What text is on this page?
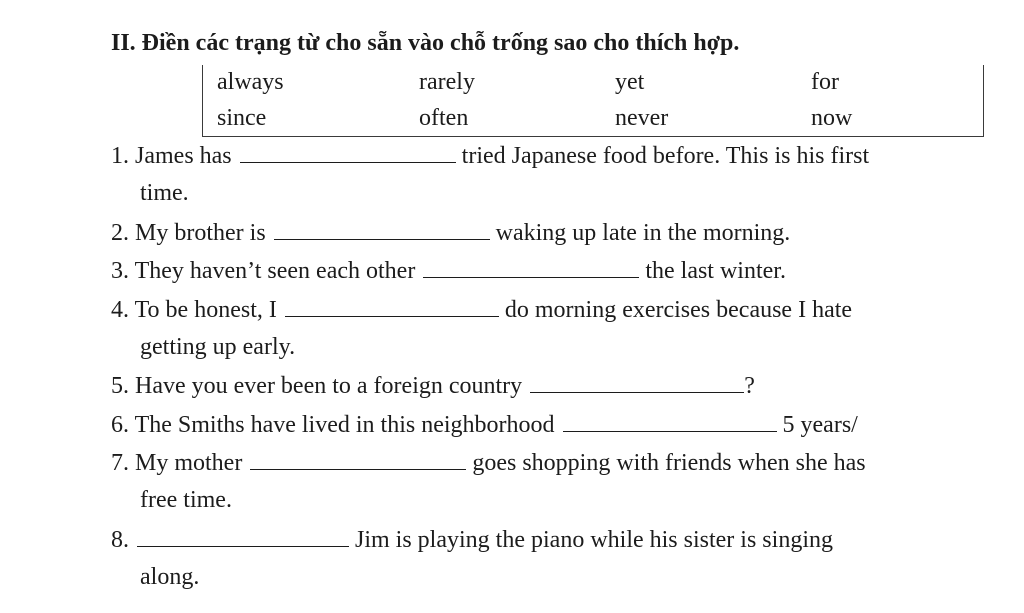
II. Điền các trạng từ cho sẵn vào chỗ trống sao cho thích hợp.
always	rarely	yet	for
since	often	never	now
1. James has	tried Japanese food before. This is his first
time.
2. My brother is	waking up late in the morning.
3. They haven’t seen each other	the last winter.
4. To be honest, I	do morning exercises because I hate
getting up early.
5. Have you ever been to a foreign country	?
6. The Smiths have lived in this neighborhood	5 years/
7. My mother	goes shopping with friends when she has
free time.
8.	Jim is playing the piano while his sister is singing
along.
